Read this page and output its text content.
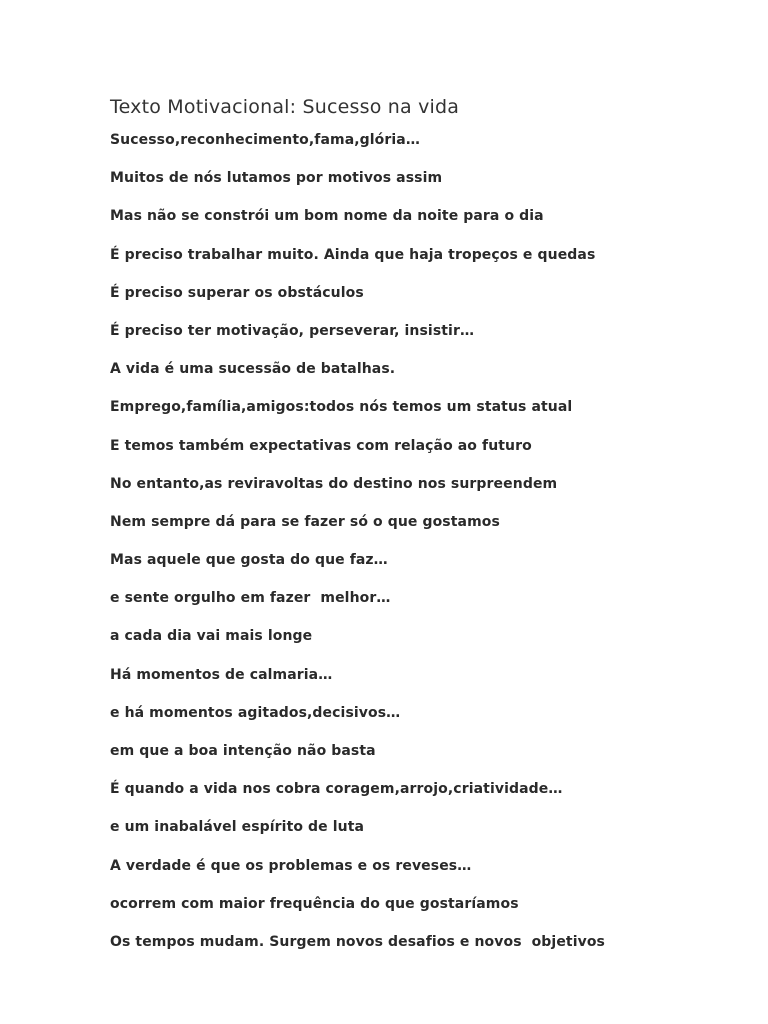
Texto Motivacional: Sucesso na vida
Sucesso,reconhecimento,fama,glória…
Muitos de nós lutamos por motivos assim
Mas não se constrói um bom nome da noite para o dia
É preciso trabalhar muito. Ainda que haja tropeços e quedas
É preciso superar os obstáculos
É preciso ter motivação, perseverar, insistir…
A vida é uma sucessão de batalhas.
Emprego,família,amigos:todos nós temos um status atual
E temos também expectativas com relação ao futuro
No entanto,as reviravoltas do destino nos surpreendem
Nem sempre dá para se fazer só o que gostamos
Mas aquele que gosta do que faz…
e sente orgulho em fazer  melhor…
a cada dia vai mais longe
Há momentos de calmaria…
e há momentos agitados,decisivos…
em que a boa intenção não basta
É quando a vida nos cobra coragem,arrojo,criatividade…
e um inabalável espírito de luta
A verdade é que os problemas e os reveses…
ocorrem com maior frequência do que gostaríamos
Os tempos mudam. Surgem novos desafios e novos  objetivos
